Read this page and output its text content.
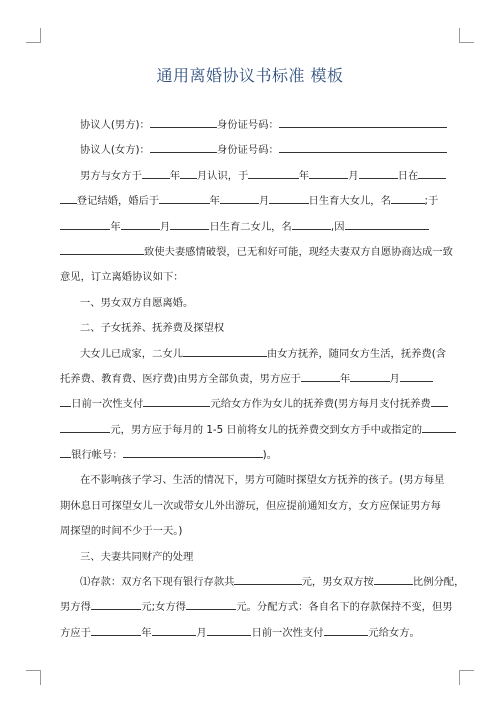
通用离婚协议书标准 模板
协议人(男方)：	身份证号码：
协议人(女方)：	身份证号码：
男方与女方于	年 月认识，于	年	月	日在
登记结婚，婚后于	年	月	日生育大女儿，名	;于
年	月	日生育二女儿，名	,因
致使夫妻感情破裂，已无和好可能，现经夫妻双方自愿协商达成一致
意见，订立离婚协议如下：
一、男女双方自愿离婚。
二、子女抚养、抚养费及探望权
大女儿已成家，二女儿	由女方抚养，随同女方生活，抚养费(含
托养费、教育费、医疗费)由男方全部负责，男方应于	年	月
日前一次性支付	元给女方作为女儿的抚养费(男方每月支付抚养费
元，男方应于每月的 1-5 日前将女儿的抚养费交到女方手中或指定的
银行帐号：	)。
在不影响孩子学习、生活的情况下，男方可随时探望女方抚养的孩子。(男方每星
期休息日可探望女儿一次或带女儿外出游玩，但应提前通知女方，女方应保证男方每
周探望的时间不少于一天。)
三、夫妻共同财产的处理
⑴存款：双方名下现有银行存款共	元，男女双方按	比例分配，
男方得	元;女方得	元。分配方式：各自名下的存款保持不变，但男
方应于	年	月	日前一次性支付	元给女方。
